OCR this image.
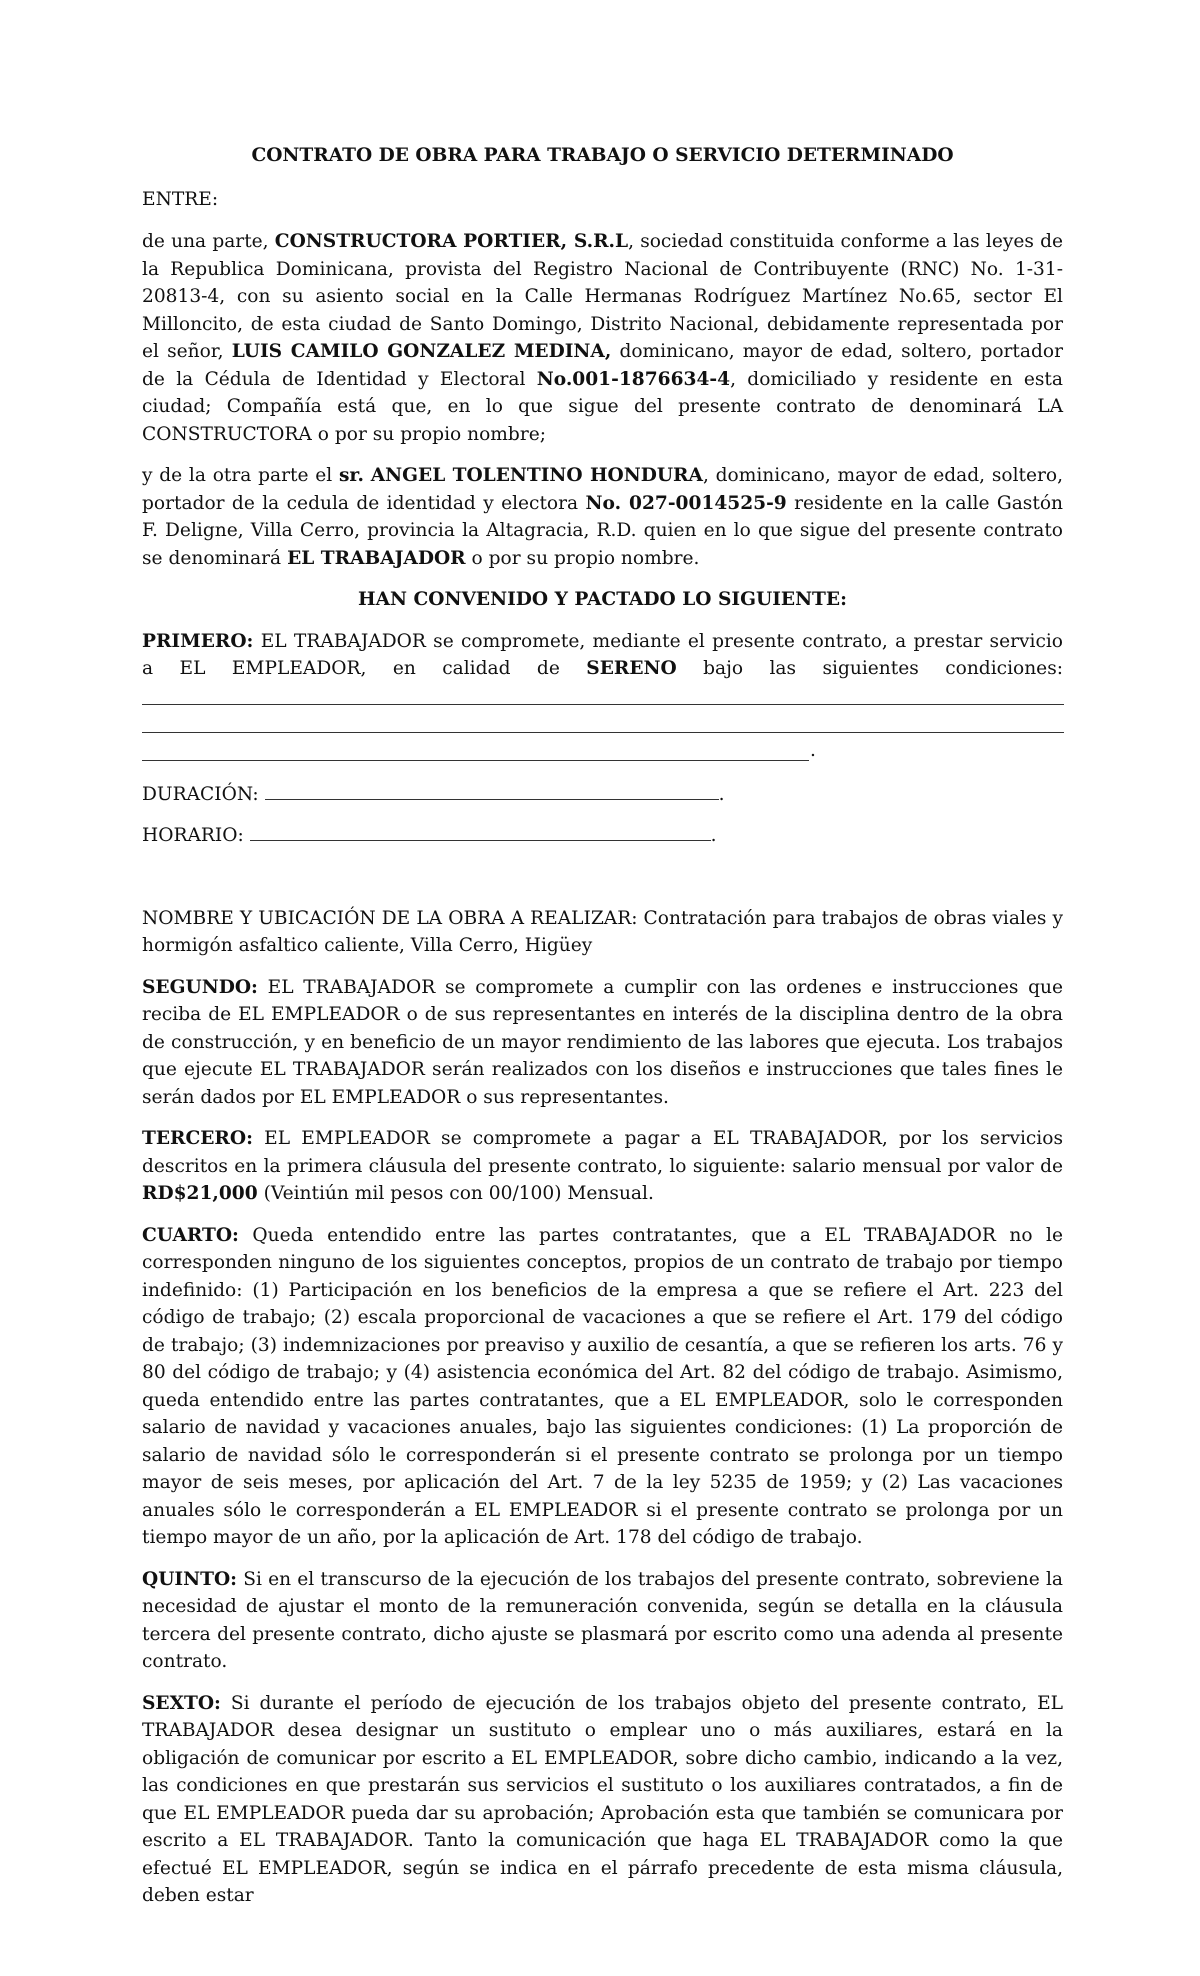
CONTRATO DE OBRA PARA TRABAJO O SERVICIO DETERMINADO
ENTRE:

de una parte, CONSTRUCTORA PORTIER, S.R.L, sociedad constituida conforme a las leyes de la Republica Dominicana, provista del Registro Nacional de Contribuyente (RNC) No. 1-31-20813-4, con su asiento social en la Calle Hermanas Rodríguez Martínez No.65, sector El Milloncito, de esta ciudad de Santo Domingo, Distrito Nacional, debidamente representada por el señor, LUIS CAMILO GONZALEZ MEDINA, dominicano, mayor de edad, soltero, portador de la Cédula de Identidad y Electoral No.001-1876634-4, domiciliado y residente en esta ciudad; Compañía está que, en lo que sigue del presente contrato de denominará LA CONSTRUCTORA o por su propio nombre;

y de la otra parte el sr. ANGEL TOLENTINO HONDURA, dominicano, mayor de edad, soltero, portador de la cedula de identidad y electora No. 027-0014525-9 residente en la calle Gastón F. Deligne, Villa Cerro, provincia la Altagracia, R.D. quien en lo que sigue del presente contrato se denominará EL TRABAJADOR o por su propio nombre.

HAN CONVENIDO Y PACTADO LO SIGUIENTE:

PRIMERO: EL TRABAJADOR se compromete, mediante el presente contrato, a prestar servicio a EL EMPLEADOR, en calidad de SERENO bajo las siguientes condiciones:

.
DURACIÓN:	.
HORARIO:	.

NOMBRE Y UBICACIÓN DE LA OBRA A REALIZAR: Contratación para trabajos de obras viales y hormigón asfaltico caliente, Villa Cerro, Higüey

SEGUNDO: EL TRABAJADOR se compromete a cumplir con las ordenes e instrucciones que reciba de EL EMPLEADOR o de sus representantes en interés de la disciplina dentro de la obra de construcción, y en beneficio de un mayor rendimiento de las labores que ejecuta. Los trabajos que ejecute EL TRABAJADOR serán realizados con los diseños e instrucciones que tales fines le serán dados por EL EMPLEADOR o sus representantes.

TERCERO: EL EMPLEADOR se compromete a pagar a EL TRABAJADOR, por los servicios descritos en la primera cláusula del presente contrato, lo siguiente: salario mensual por valor de RD$21,000 (Veintiún mil pesos con 00/100) Mensual.

CUARTO: Queda entendido entre las partes contratantes, que a EL TRABAJADOR no le corresponden ninguno de los siguientes conceptos, propios de un contrato de trabajo por tiempo indefinido: (1) Participación en los beneficios de la empresa a que se refiere el Art. 223 del código de trabajo; (2) escala proporcional de vacaciones a que se refiere el Art. 179 del código de trabajo; (3) indemnizaciones por preaviso y auxilio de cesantía, a que se refieren los arts. 76 y 80 del código de trabajo; y (4) asistencia económica del Art. 82 del código de trabajo. Asimismo, queda entendido entre las partes contratantes, que a EL EMPLEADOR, solo le corresponden salario de navidad y vacaciones anuales, bajo las siguientes condiciones: (1) La proporción de salario de navidad sólo le corresponderán si el presente contrato se prolonga por un tiempo mayor de seis meses, por aplicación del Art. 7 de la ley 5235 de 1959; y (2) Las vacaciones anuales sólo le corresponderán a EL EMPLEADOR si el presente contrato se prolonga por un tiempo mayor de un año, por la aplicación de Art. 178 del código de trabajo.

QUINTO: Si en el transcurso de la ejecución de los trabajos del presente contrato, sobreviene la necesidad de ajustar el monto de la remuneración convenida, según se detalla en la cláusula tercera del presente contrato, dicho ajuste se plasmará por escrito como una adenda al presente contrato.

SEXTO: Si durante el período de ejecución de los trabajos objeto del presente contrato, EL TRABAJADOR desea designar un sustituto o emplear uno o más auxiliares, estará en la obligación de comunicar por escrito a EL EMPLEADOR, sobre dicho cambio, indicando a la vez, las condiciones en que prestarán sus servicios el sustituto o los auxiliares contratados, a fin de que EL EMPLEADOR pueda dar su aprobación; Aprobación esta que también se comunicara por escrito a EL TRABAJADOR. Tanto la comunicación que haga EL TRABAJADOR como la que efectué EL EMPLEADOR, según se indica en el párrafo precedente de esta misma cláusula, deben estar
